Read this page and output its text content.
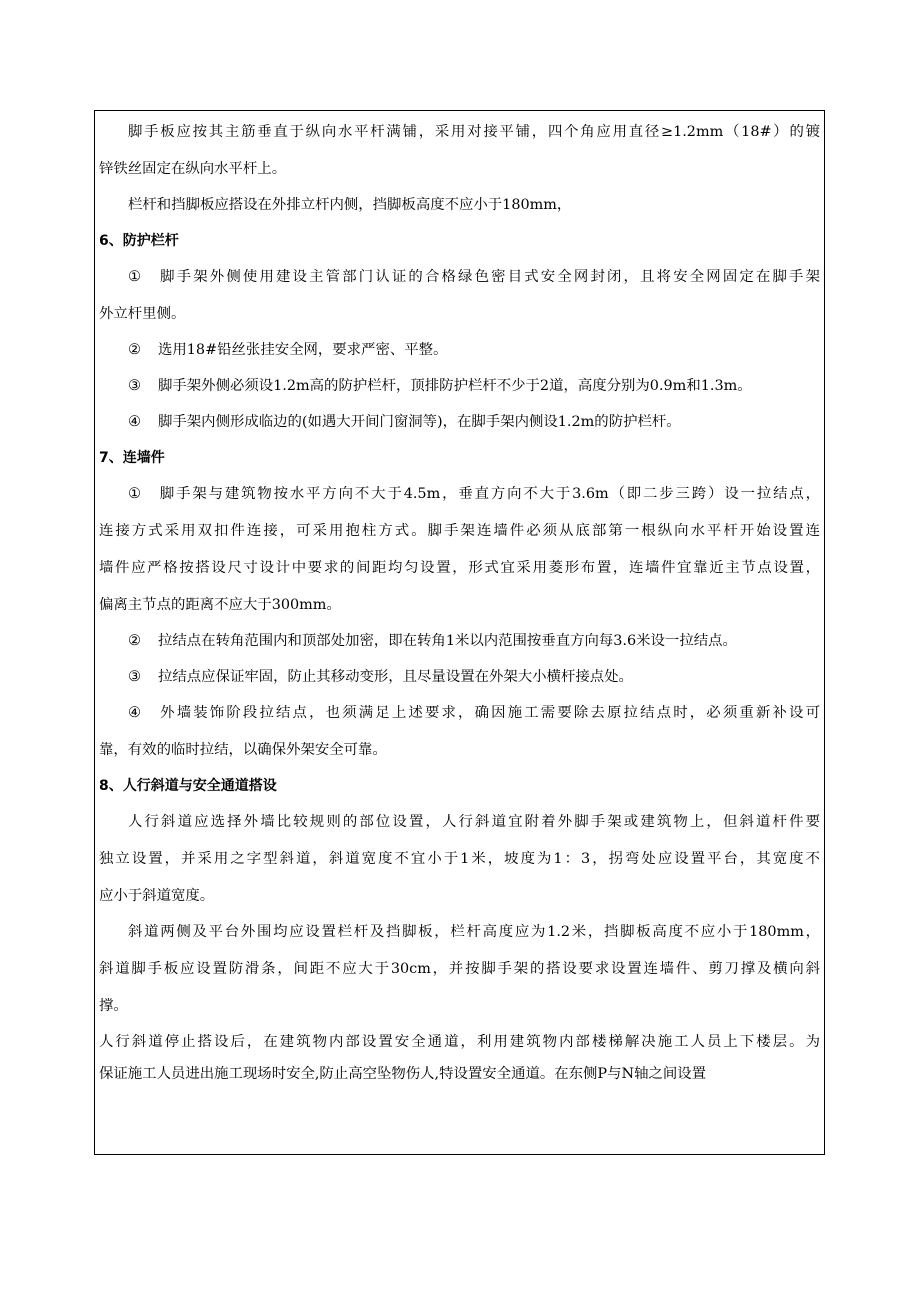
脚手板应按其主筋垂直于纵向水平杆满铺，采用对接平铺，四个角应用直径≥1.2mm（18#）的镀
锌铁丝固定在纵向水平杆上。
栏杆和挡脚板应搭设在外排立杆内侧，挡脚板高度不应小于180mm，
6、防护栏杆
① 脚手架外侧使用建设主管部门认证的合格绿色密目式安全网封闭，且将安全网固定在脚手架
外立杆里侧。
② 选用18#铅丝张挂安全网，要求严密、平整。
③ 脚手架外侧必须设1.2m高的防护栏杆，顶排防护栏杆不少于2道，高度分别为0.9m和1.3m。
④ 脚手架内侧形成临边的(如遇大开间门窗洞等)，在脚手架内侧设1.2m的防护栏杆。
7、连墙件
① 脚手架与建筑物按水平方向不大于4.5m，垂直方向不大于3.6m（即二步三跨）设一拉结点，
连接方式采用双扣件连接，可采用抱柱方式。脚手架连墙件必须从底部第一根纵向水平杆开始设置连
墙件应严格按搭设尺寸设计中要求的间距均匀设置，形式宜采用菱形布置，连墙件宜靠近主节点设置，
偏离主节点的距离不应大于300mm。
② 拉结点在转角范围内和顶部处加密，即在转角1米以内范围按垂直方向每3.6米设一拉结点。
③ 拉结点应保证牢固，防止其移动变形，且尽量设置在外架大小横杆接点处。
④ 外墙装饰阶段拉结点，也须满足上述要求，确因施工需要除去原拉结点时，必须重新补设可
靠，有效的临时拉结，以确保外架安全可靠。
8、人行斜道与安全通道搭设
人行斜道应选择外墙比较规则的部位设置，人行斜道宜附着外脚手架或建筑物上，但斜道杆件要
独立设置，并采用之字型斜道，斜道宽度不宜小于1米，坡度为1：3，拐弯处应设置平台，其宽度不
应小于斜道宽度。
斜道两侧及平台外围均应设置栏杆及挡脚板，栏杆高度应为1.2米，挡脚板高度不应小于180mm，
斜道脚手板应设置防滑条，间距不应大于30cm，并按脚手架的搭设要求设置连墙件、剪刀撑及横向斜
撑。
人行斜道停止搭设后，在建筑物内部设置安全通道，利用建筑物内部楼梯解决施工人员上下楼层。为
保证施工人员进出施工现场时安全,防止高空坠物伤人,特设置安全通道。在东侧P与N轴之间设置
